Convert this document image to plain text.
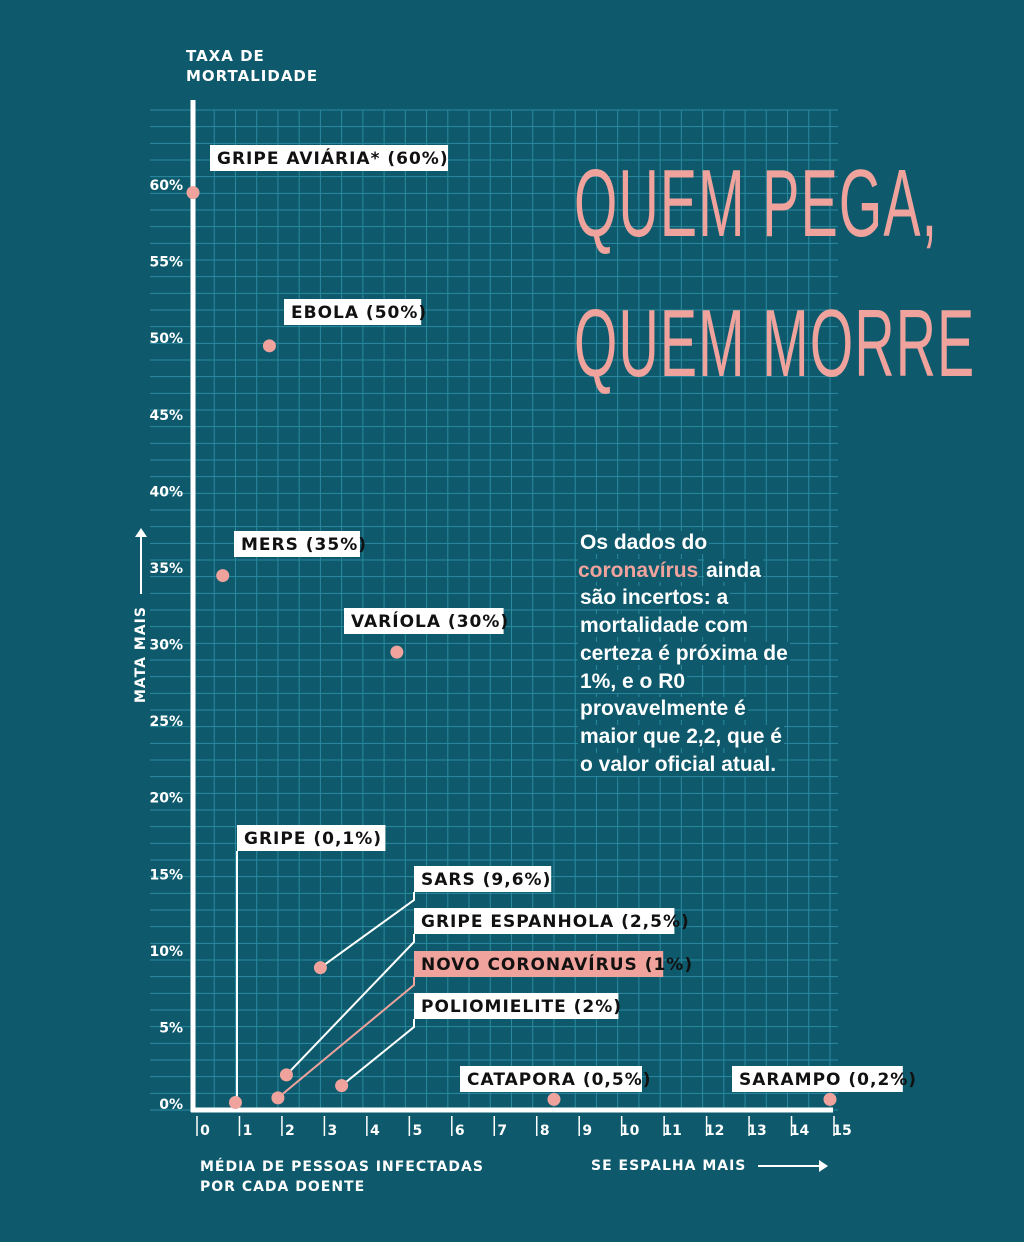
0%
5%
10%
15%
20%
25%
30%
35%
40%
45%
50%
55%
60%
0 1 2 3 4 5 6 7 8 9 10 11 12 13 14 15
GRIPE AVIÁRIA* (60%)
EBOLA (50%)
MERS (35%)
VARÍOLA (30%)
GRIPE (0,1%)
SARS (9,6%)
GRIPE ESPANHOLA (2,5%)
NOVO CORONAVÍRUS (1%)
POLIOMIELITE (2%)
CATAPORA (0,5%)	SARAMPO (0,2%)
TAXA DE
MORTALIDADE
QUEM PEGA,
QUEM MORRE
Os dados do coronavírus ainda são incertos: a mortalidade com certeza é próxima de 1%, e o R0 provavelmente é maior que 2,2, que é o valor oficial atual.
MATA MAIS
MÉDIA DE PESSOAS INFECTADAS
POR CADA DOENTE
SE ESPALHA MAIS
